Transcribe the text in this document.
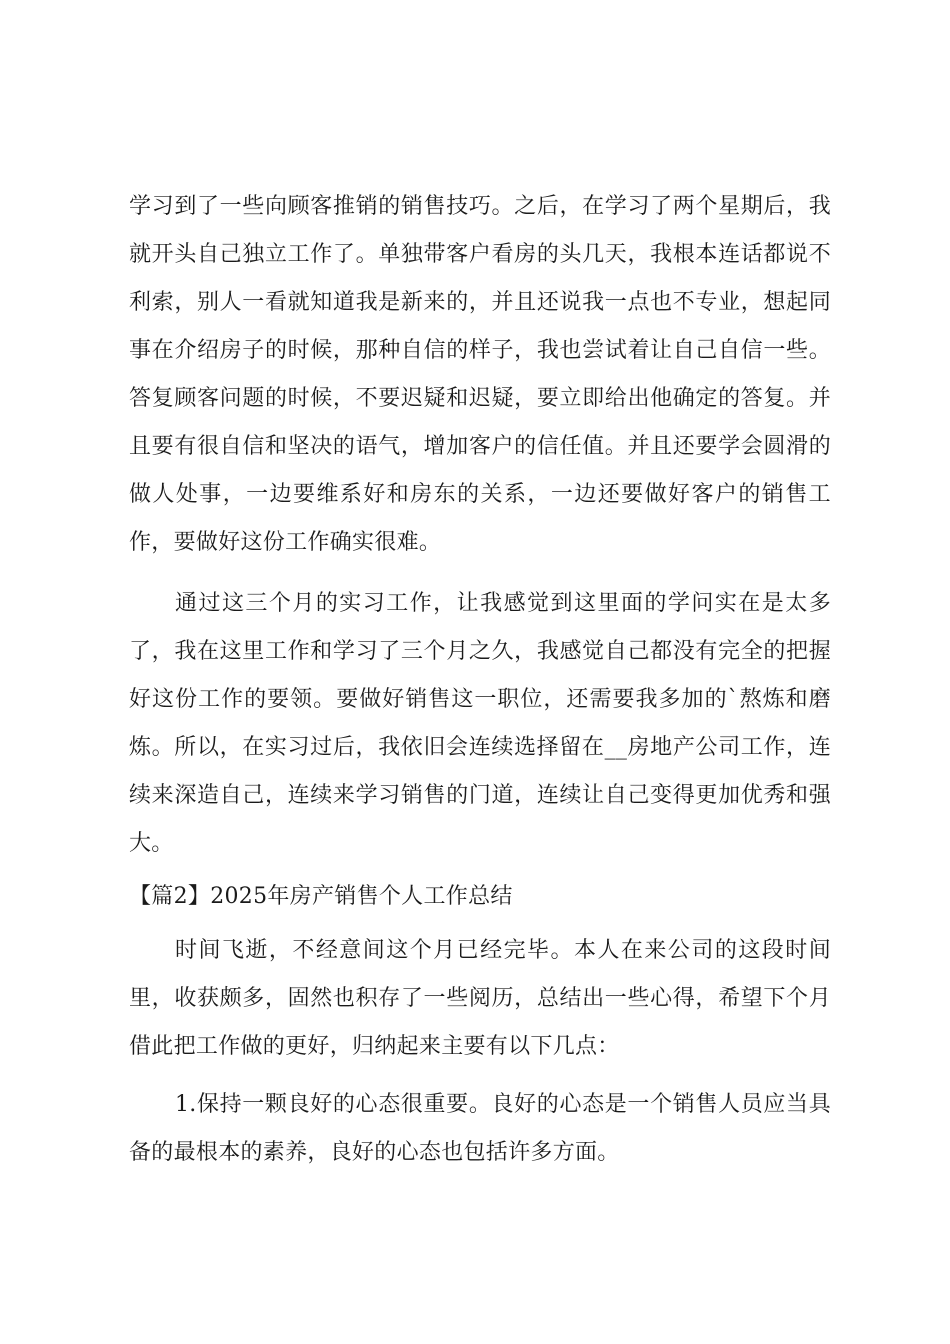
学习到了一些向顾客推销的销售技巧。之后，在学习了两个星期后，我
就开头自己独立工作了。单独带客户看房的头几天，我根本连话都说不
利索，别人一看就知道我是新来的，并且还说我一点也不专业，想起同
事在介绍房子的时候，那种自信的样子，我也尝试着让自己自信一些。
答复顾客问题的时候，不要迟疑和迟疑，要立即给出他确定的答复。并
且要有很自信和坚决的语气，增加客户的信任值。并且还要学会圆滑的
做人处事，一边要维系好和房东的关系，一边还要做好客户的销售工
作，要做好这份工作确实很难。
通过这三个月的实习工作，让我感觉到这里面的学问实在是太多
了，我在这里工作和学习了三个月之久，我感觉自己都没有完全的把握
好这份工作的要领。要做好销售这一职位，还需要我多加的`熬炼和磨
炼。所以，在实习过后，我依旧会连续选择留在__房地产公司工作，连
续来深造自己，连续来学习销售的门道，连续让自己变得更加优秀和强
大。
【篇2】2025年房产销售个人工作总结
时间飞逝，不经意间这个月已经完毕。本人在来公司的这段时间
里，收获颇多，固然也积存了一些阅历，总结出一些心得，希望下个月
借此把工作做的更好，归纳起来主要有以下几点：
1.保持一颗良好的心态很重要。良好的心态是一个销售人员应当具
备的最根本的素养，良好的心态也包括许多方面。
